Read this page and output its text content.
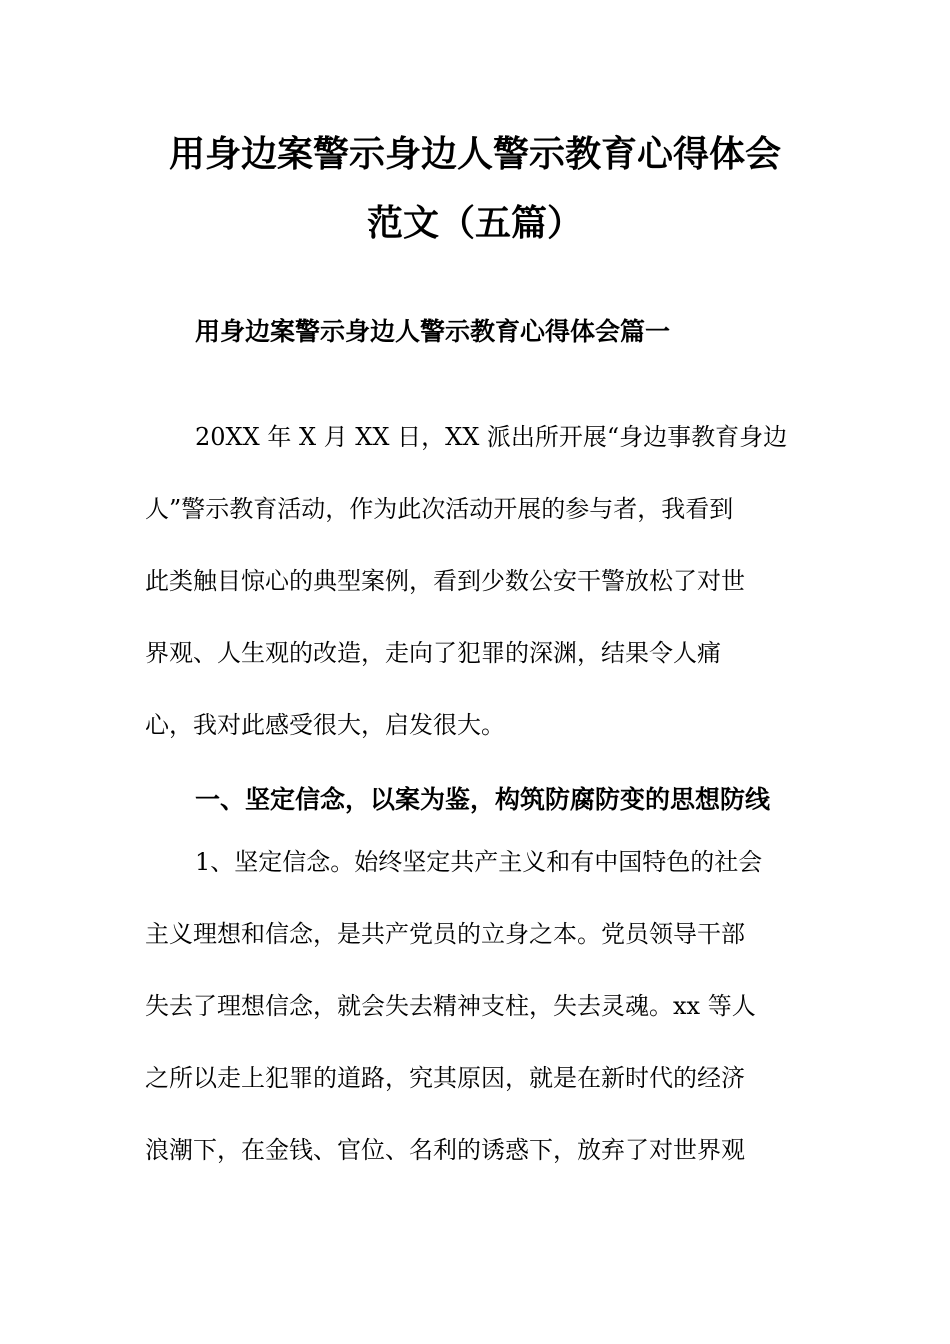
用身边案警示身边人警示教育心得体会
范文（五篇）
用身边案警示身边人警示教育心得体会篇一

20XX 年 X 月 XX 日，XX 派出所开展“身边事教育身边

人”警示教育活动，作为此次活动开展的参与者，我看到

此类触目惊心的典型案例，看到少数公安干警放松了对世

界观、人生观的改造，走向了犯罪的深渊，结果令人痛

心，我对此感受很大，启发很大。

一、坚定信念，以案为鉴，构筑防腐防变的思想防线

1、坚定信念。始终坚定共产主义和有中国特色的社会

主义理想和信念，是共产党员的立身之本。党员领导干部

失去了理想信念，就会失去精神支柱，失去灵魂。xx 等人

之所以走上犯罪的道路，究其原因，就是在新时代的经济

浪潮下，在金钱、官位、名利的诱惑下，放弃了对世界观
